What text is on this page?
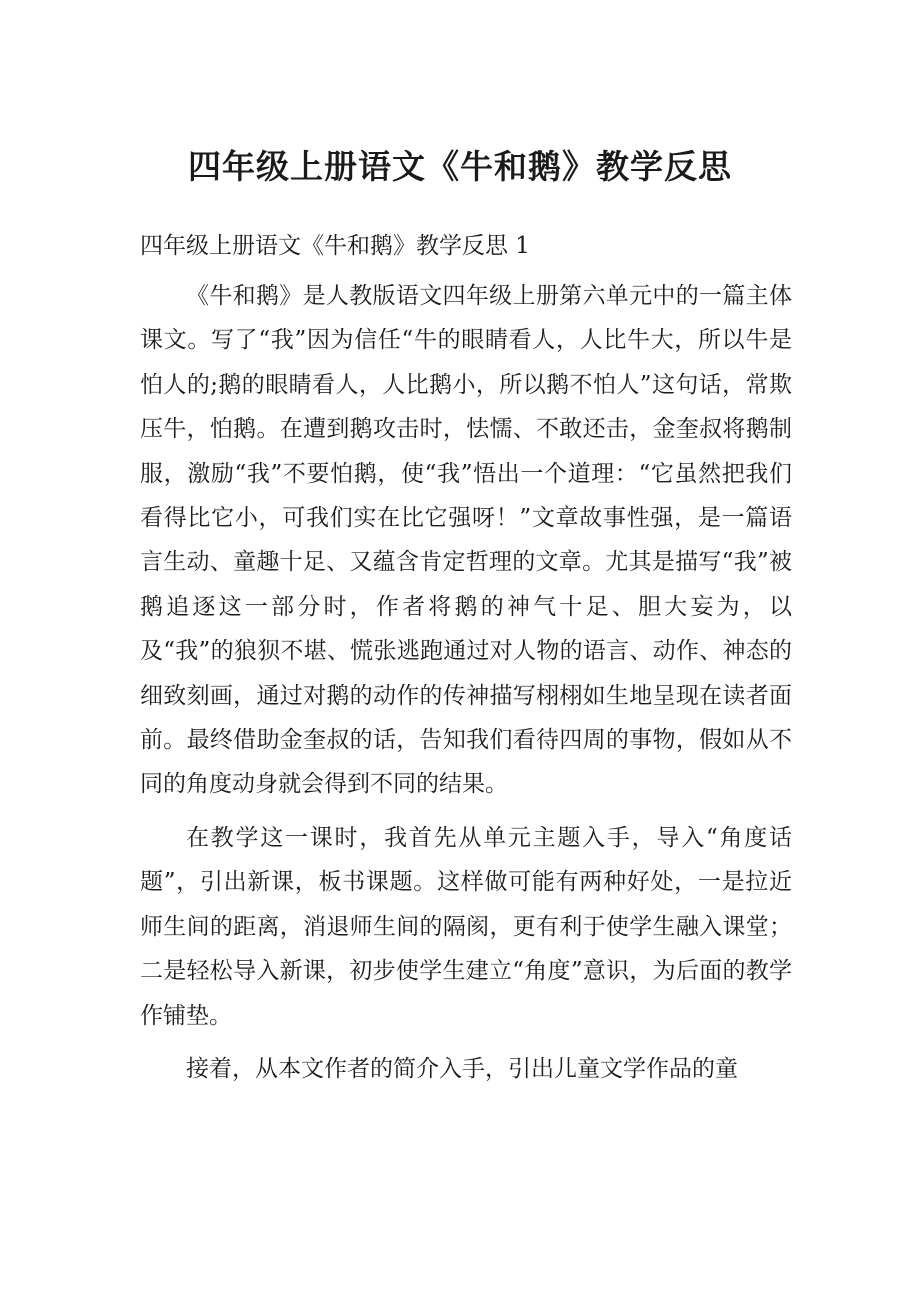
四年级上册语文《牛和鹅》教学反思

四年级上册语文《牛和鹅》教学反思 1

《牛和鹅》是人教版语文四年级上册第六单元中的一篇主体课文。写了“我”因为信任“牛的眼睛看人，人比牛大，所以牛是怕人的;鹅的眼睛看人，人比鹅小，所以鹅不怕人”这句话，常欺压牛，怕鹅。在遭到鹅攻击时，怯懦、不敢还击，金奎叔将鹅制服，激励“我”不要怕鹅，使“我”悟出一个道理：“它虽然把我们看得比它小，可我们实在比它强呀！”文章故事性强，是一篇语言生动、童趣十足、又蕴含肯定哲理的文章。尤其是描写“我”被鹅追逐这一部分时，作者将鹅的神气十足、胆大妄为，以及“我”的狼狈不堪、慌张逃跑通过对人物的语言、动作、神态的细致刻画，通过对鹅的动作的传神描写栩栩如生地呈现在读者面前。最终借助金奎叔的话，告知我们看待四周的事物，假如从不同的角度动身就会得到不同的结果。

在教学这一课时，我首先从单元主题入手，导入“角度话题”，引出新课，板书课题。这样做可能有两种好处，一是拉近师生间的距离，消退师生间的隔阂，更有利于使学生融入课堂；二是轻松导入新课，初步使学生建立“角度”意识，为后面的教学作铺垫。

接着，从本文作者的简介入手，引出儿童文学作品的童
